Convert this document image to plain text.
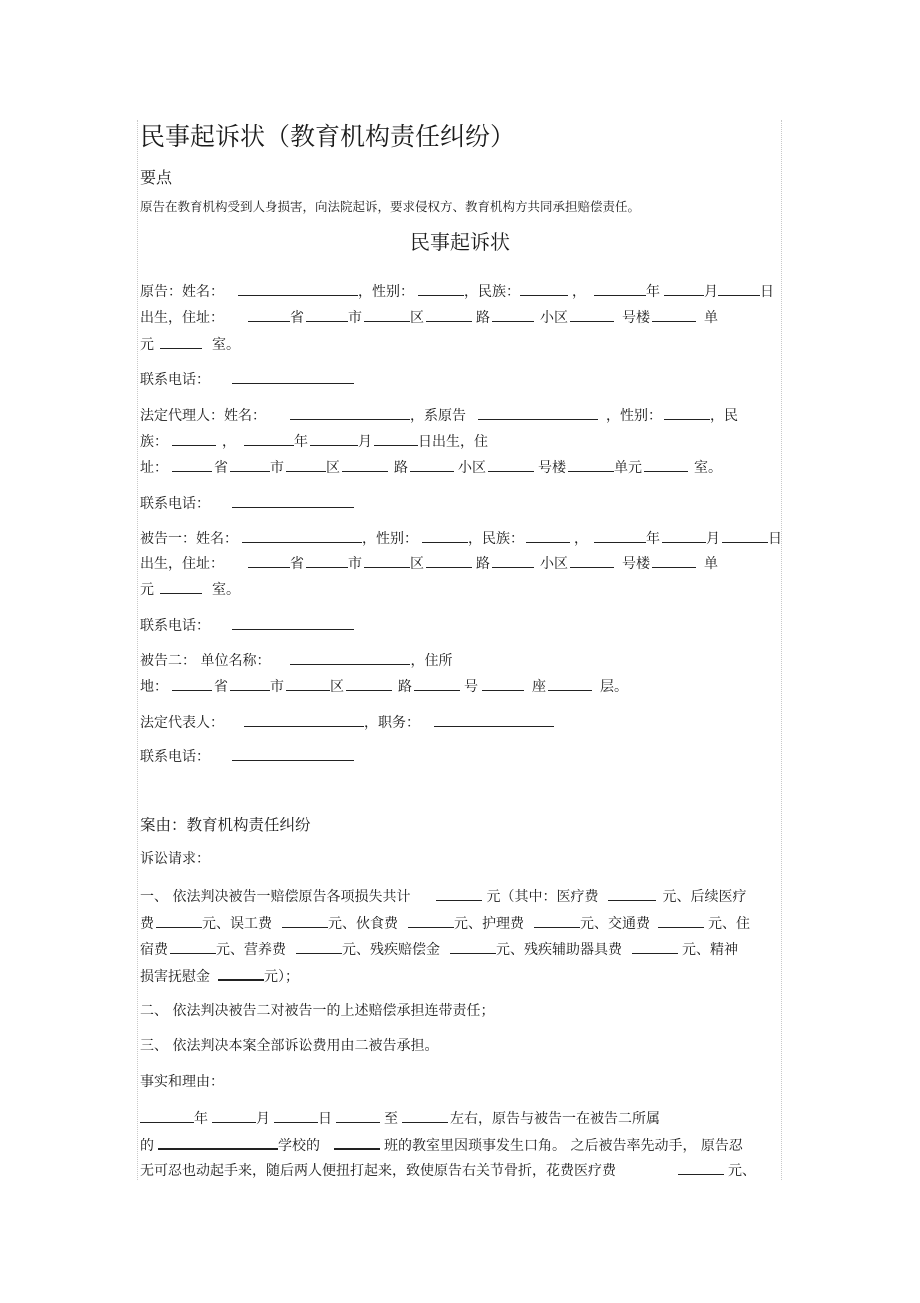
民事起诉状（教育机构责任纠纷）
要点
原告在教育机构受到人身损害，向法院起诉，要求侵权方、教育机构方共同承担赔偿责任。
民事起诉状
原告：姓名：	，性别：	，民族：	，	年	月	日
出生，住址：	省	市	区	路	小区	号楼	单
元	室。
联系电话：
法定代理人：姓名：	，系原告	，性别：	，民
族：	，	年	月	日出生，住
址：	省	市	区	路	小区	号楼	单元	室。
联系电话：
被告一：姓名：	，性别：	，民族：	，	年	月	日
出生，住址：	省	市	区	路	小区	号楼	单
元	室。
联系电话：
被告二： 单位名称：	，住所
地：	省	市	区	路	号	座	层。
法定代表人：	，职务：
联系电话：
案由：教育机构责任纠纷
诉讼请求：
一、 依法判决被告一赔偿原告各项损失共计	元（其中：医疗费	元、后续医疗
费	元、误工费	元、伙食费	元、护理费	元、交通费	元、住
宿费	元、营养费	元、残疾赔偿金	元、残疾辅助器具费	元、精神
损害抚慰金	元）；
二、 依法判决被告二对被告一的上述赔偿承担连带责任；
三、 依法判决本案全部诉讼费用由二被告承担。
事实和理由：
年	月	日	至	左右，原告与被告一在被告二所属
的	学校的	班的教室里因琐事发生口角。 之后被告率先动手， 原告忍
无可忍也动起手来，随后两人便扭打起来，致使原告右关节骨折，花费医疗费	元、
